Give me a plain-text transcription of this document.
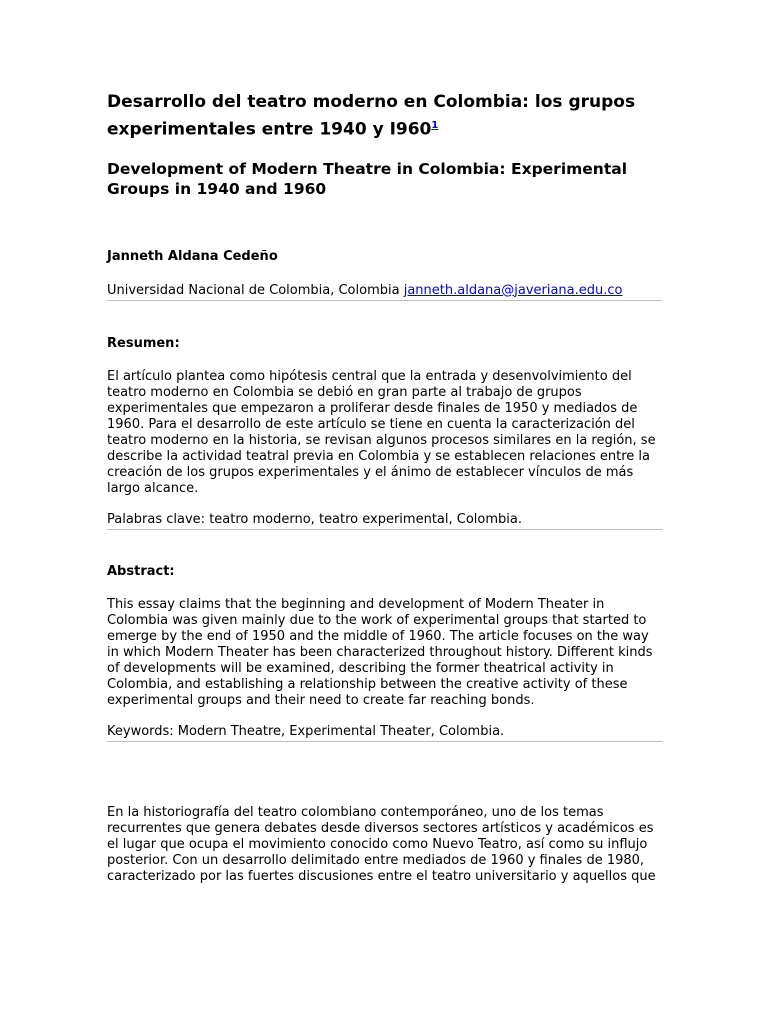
Desarrollo del teatro moderno en Colombia: los grupos experimentales entre 1940 y I960$^1$
Development of Modern Theatre in Colombia: Experimental Groups in 1940 and 1960

Janneth Aldana Cedeño

Universidad Nacional de Colombia, Colombia janneth.aldana@javeriana.edu.co

Resumen:

El artículo plantea como hipótesis central que la entrada y desenvolvimiento del teatro moderno en Colombia se debió en gran parte al trabajo de grupos experimentales que empezaron a proliferar desde finales de 1950 y mediados de 1960. Para el desarrollo de este artículo se tiene en cuenta la caracterización del teatro moderno en la historia, se revisan algunos procesos similares en la región, se describe la actividad teatral previa en Colombia y se establecen relaciones entre la creación de los grupos experimentales y el ánimo de establecer vínculos de más largo alcance.

Palabras clave: teatro moderno, teatro experimental, Colombia.

Abstract:

This essay claims that the beginning and development of Modern Theater in Colombia was given mainly due to the work of experimental groups that started to emerge by the end of 1950 and the middle of 1960. The article focuses on the way in which Modern Theater has been characterized throughout history. Different kinds of developments will be examined, describing the former theatrical activity in Colombia, and establishing a relationship between the creative activity of these experimental groups and their need to create far reaching bonds.

Keywords: Modern Theatre, Experimental Theater, Colombia.

En la historiografía del teatro colombiano contemporáneo, uno de los temas recurrentes que genera debates desde diversos sectores artísticos y académicos es el lugar que ocupa el movimiento conocido como Nuevo Teatro, así como su influjo posterior. Con un desarrollo delimitado entre mediados de 1960 y finales de 1980, caracterizado por las fuertes discusiones entre el teatro universitario y aquellos que
